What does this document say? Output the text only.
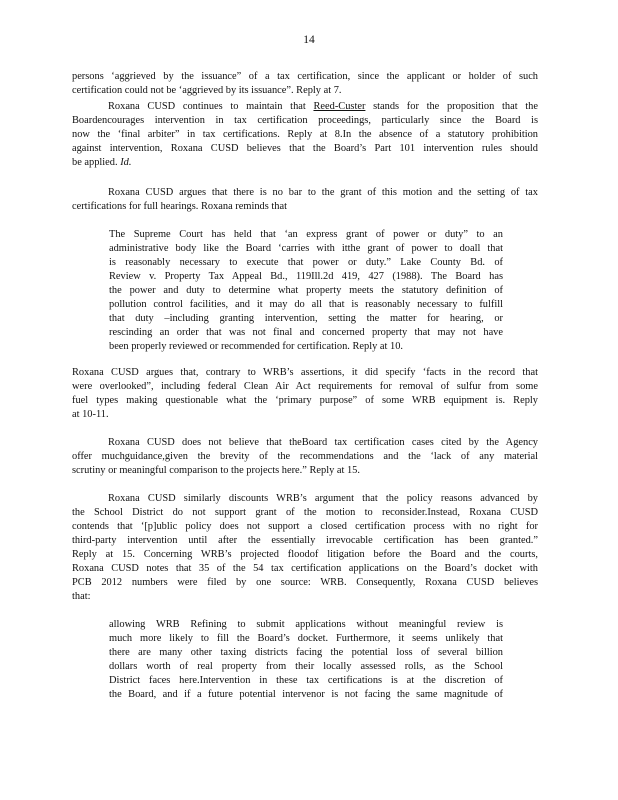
14
persons ‘aggrieved by the issuance” of a tax certification, since the applicant or holder of such
certification could not be ‘aggrieved by its issuance”. Reply at 7.
Roxana CUSD continues to maintain that Reed-Custer stands for the proposition that the
Boardencourages intervention in tax certification proceedings, particularly since the Board is
now the ‘final arbiter” in tax certifications. Reply at 8.In the absence of a statutory prohibition
against intervention, Roxana CUSD believes that the Board’s Part 101 intervention rules should
be applied. Id.
Roxana CUSD argues that there is no bar to the grant of this motion and the setting of tax
certifications for full hearings. Roxana reminds that
The Supreme Court has held that ‘an express grant of power or duty” to an
administrative body like the Board ‘carries with itthe grant of power to doall that
is reasonably necessary to execute that power or duty.” Lake County Bd. of
Review v. Property Tax Appeal Bd., 119Ill.2d 419, 427 (1988). The Board has
the power and duty to determine what property meets the statutory definition of
pollution control facilities, and it may do all that is reasonably necessary to fulfill
that duty –including granting intervention, setting the matter for hearing, or
rescinding an order that was not final and concerned property that may not have
been properly reviewed or recommended for certification. Reply at 10.
Roxana CUSD argues that, contrary to WRB’s assertions, it did specify ‘facts in the record that
were overlooked”, including federal Clean Air Act requirements for removal of sulfur from some
fuel types making questionable what the ‘primary purpose” of some WRB equipment is. Reply
at 10-11.
Roxana CUSD does not believe that theBoard tax certification cases cited by the Agency
offer muchguidance,given the brevity of the recommendations and the ‘lack of any material
scrutiny or meaningful comparison to the projects here.” Reply at 15.
Roxana CUSD similarly discounts WRB’s argument that the policy reasons advanced by
the School District do not support grant of the motion to reconsider.Instead, Roxana CUSD
contends that ‘[p]ublic policy does not support a closed certification process with no right for
third-party intervention until after the essentially irrevocable certification has been granted.”
Reply at 15. Concerning WRB’s projected floodof litigation before the Board and the courts,
Roxana CUSD notes that 35 of the 54 tax certification applications on the Board’s docket with
PCB 2012 numbers were filed by one source: WRB. Consequently, Roxana CUSD believes
that:
allowing WRB Refining to submit applications without meaningful review is
much more likely to fill the Board’s docket. Furthermore, it seems unlikely that
there are many other taxing districts facing the potential loss of several billion
dollars worth of real property from their locally assessed rolls, as the School
District faces here.Intervention in these tax certifications is at the discretion of
the Board, and if a future potential intervenor is not facing the same magnitude of
